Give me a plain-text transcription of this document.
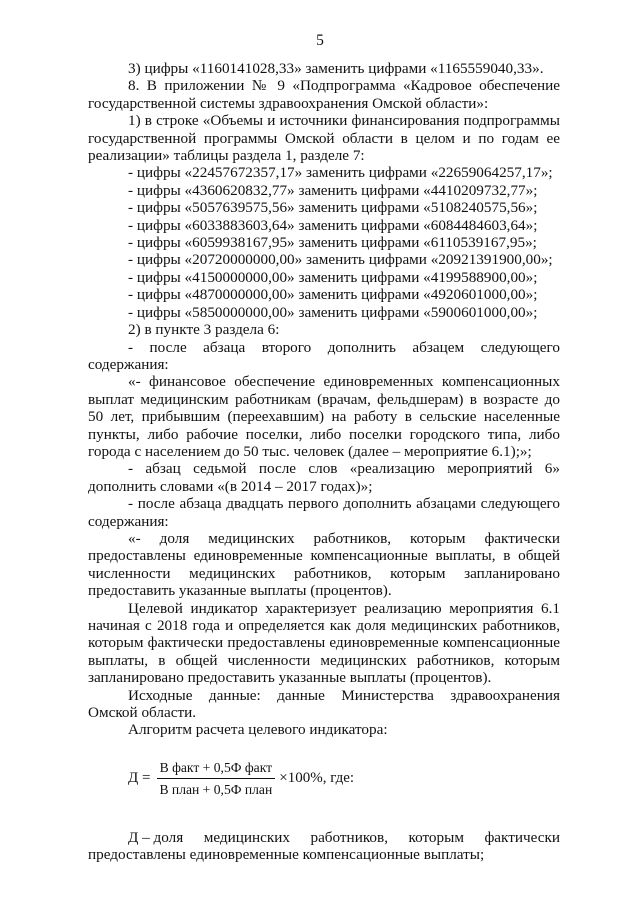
5

3) цифры «1160141028,33» заменить цифрами «1165559040,33».

8. В приложении № 9 «Подпрограмма «Кадровое обеспечение государственной системы здравоохранения Омской области»:

1) в строке «Объемы и источники финансирования подпрограммы государственной программы Омской области в целом и по годам ее реализации» таблицы раздела 1, разделе 7:

- цифры «22457672357,17» заменить цифрами «22659064257,17»;

- цифры «4360620832,77» заменить цифрами «4410209732,77»;

- цифры «5057639575,56» заменить цифрами «5108240575,56»;

- цифры «6033883603,64» заменить цифрами «6084484603,64»;

- цифры «6059938167,95» заменить цифрами «6110539167,95»;

- цифры «20720000000,00» заменить цифрами «20921391900,00»;

- цифры «4150000000,00» заменить цифрами «4199588900,00»;

- цифры «4870000000,00» заменить цифрами «4920601000,00»;

- цифры «5850000000,00» заменить цифрами «5900601000,00»;

2) в пункте 3 раздела 6:

- после абзаца второго дополнить абзацем следующего содержания:

«- финансовое обеспечение единовременных компенсационных выплат медицинским работникам (врачам, фельдшерам) в возрасте до 50 лет, прибывшим (переехавшим) на работу в сельские населенные пункты, либо рабочие поселки, либо поселки городского типа, либо города с населением до 50 тыс. человек (далее – мероприятие 6.1);»;

- абзац седьмой после слов «реализацию мероприятий 6» дополнить словами «(в 2014 – 2017 годах)»;

- после абзаца двадцать первого дополнить абзацами следующего содержания:

«- доля медицинских работников, которым фактически предоставлены единовременные компенсационные выплаты, в общей численности медицинских работников, которым запланировано предоставить указанные выплаты (процентов).

Целевой индикатор характеризует реализацию мероприятия 6.1 начиная с 2018 года и определяется как доля медицинских работников, которым фактически предоставлены единовременные компенсационные выплаты, в общей численности медицинских работников, которым запланировано предоставить указанные выплаты (процентов).

Исходные данные: данные Министерства здравоохранения Омской области.

Алгоритм расчета целевого индикатора:

$Д = \frac{\text{В факт + 0,5Ф факт}}{\text{В план + 0,5Ф план}} \times 100\%$, где:

Д – доля медицинских работников, которым фактически

предоставлены единовременные компенсационные выплаты;
